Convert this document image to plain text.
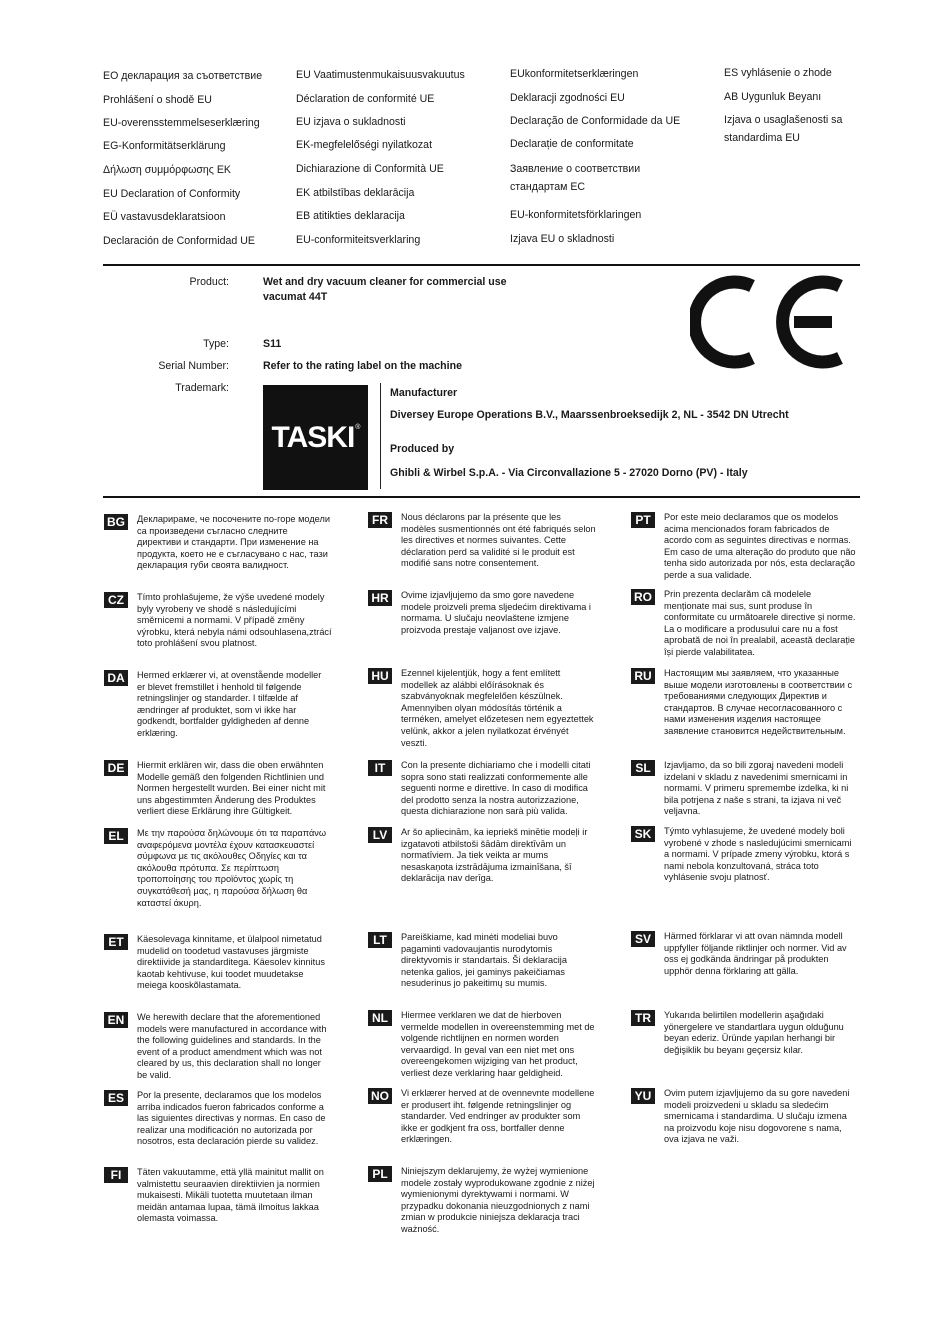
ЕО декларация за съответствие
Prohlášení o shodě EU
EU-overensstemmelseserklæring
EG-Konformitätserklärung
Δήλωση συμμόρφωσης ΕΚ
EU Declaration of Conformity
EÜ vastavusdeklaratsioon
Declaración de Conformidad UE
EU Vaatimustenmukaisuusvakuutus
Déclaration de conformité UE
EU izjava o sukladnosti
EK-megfelelőségi nyilatkozat
Dichiarazione di Conformità UE
EK atbilstības deklarācija
EB atitikties deklaracija
EU-conformiteitsverklaring
EUkonformitetserklæringen
Deklaracji zgodności EU
Declaração de Conformidade da UE
Declarație de conformitate
Заявление о соответствии стандартам ЕС
EU-konformitetsförklaringen
Izjava EU o skladnosti
ES vyhlásenie o zhode
AB Uygunluk Beyanı
Izjava o usaglašenosti sa standardima EU
Product:	Wet and dry vacuum cleaner for commercial use
vacumat 44T
Type:	S11
Serial Number:	Refer to the rating label on the machine
Trademark:
TASKI®
Manufacturer
Diversey Europe Operations B.V., Maarssenbroeksedijk 2, NL - 3542 DN Utrecht
Produced by
Ghibli & Wirbel S.p.A. - Via Circonvallazione 5 - 27020 Dorno (PV) - Italy
BG	Декларираме, че посочените по-горе модели са произведени съгласно следните директиви и стандарти. При изменение на продукта, което не е съгласувано с нас, тази декларация губи своята валидност.
CZ	Tímto prohlašujeme, že výše uvedené modely byly vyrobeny ve shodě s následujícími směrnicemi a normami. V případě změny výrobku, která nebyla námi odsouhlasena,ztrácí toto prohlášení svou platnost.
DA	Hermed erklærer vi, at ovenstående modeller er blevet fremstillet i henhold til følgende retningslinjer og standarder. I tilfælde af ændringer af produktet, som vi ikke har godkendt, bortfalder gyldigheden af denne erklæring.
DE	Hiermit erklären wir, dass die oben erwähnten Modelle gemäß den folgenden Richtlinien und Normen hergestellt wurden. Bei einer nicht mit uns abgestimmten Änderung des Produktes verliert diese Erklärung ihre Gültigkeit.
EL	Με την παρούσα δηλώνουμε ότι τα παραπάνω αναφερόμενα μοντέλα έχουν κατασκευαστεί σύμφωνα με τις ακόλουθες Οδηγίες και τα ακόλουθα πρότυπα. Σε περίπτωση τροποποίησης του προϊόντος χωρίς τη συγκατάθεσή μας, η παρούσα δήλωση θα καταστεί άκυρη.
ET	Käesolevaga kinnitame, et ülalpool nimetatud mudelid on toodetud vastavuses järgmiste direktiivide ja standarditega. Käesolev kinnitus kaotab kehtivuse, kui toodet muudetakse meiega kooskõlastamata.
EN	We herewith declare that the aforementioned models were manufactured in accordance with the following guidelines and standards. In the event of a product amendment which was not cleared by us, this declaration shall no longer be valid.
ES	Por la presente, declaramos que los modelos arriba indicados fueron fabricados conforme a las siguientes directivas y normas. En caso de realizar una modificación no autorizada por nosotros, esta declaración pierde su validez.
FI	Täten vakuutamme, että yllä mainitut mallit on valmistettu seuraavien direktiivien ja normien mukaisesti. Mikäli tuotetta muutetaan ilman meidän antamaa lupaa, tämä ilmoitus lakkaa olemasta voimassa.
FR	Nous déclarons par la présente que les modèles susmentionnés ont été fabriqués selon les directives et normes suivantes. Cette déclaration perd sa validité si le produit est modifié sans notre consentement.
HR	Ovime izjavljujemo da smo gore navedene modele proizveli prema sljedećim direktivama i normama. U slučaju neovlaštene izmjene proizvoda prestaje valjanost ove izjave.
HU	Ezennel kijelentjük, hogy a fent említett modellek az alábbi előírásoknak és szabványoknak megfelelően készülnek. Amennyiben olyan módosítás történik a terméken, amelyet előzetesen nem egyeztettek velünk, akkor a jelen nyilatkozat érvényét veszti.
IT	Con la presente dichiariamo che i modelli citati sopra sono stati realizzati conformemente alle seguenti norme e direttive. In caso di modifica del prodotto senza la nostra autorizzazione, questa dichiarazione non sarà più valida.
LV	Ar šo apliecinām, ka iepriekš minētie modeļi ir izgatavoti atbilstoši šādām direktīvām un normatīviem. Ja tiek veikta ar mums nesaskaņota izstrādājuma izmainīšana, šī deklarācija nav derīga.
LT	Pareiškiame, kad minėti modeliai buvo pagaminti vadovaujantis nurodytomis direktyvomis ir standartais. Ši deklaracija netenka galios, jei gaminys pakeičiamas nesuderinus jo pakeitimų su mumis.
NL	Hiermee verklaren we dat de hierboven vermelde modellen in overeenstemming met de volgende richtlijnen en normen worden vervaardigd. In geval van een niet met ons overeengekomen wijziging van het product, verliest deze verklaring haar geldigheid.
NO	Vi erklærer herved at de ovennevnte modellene er produsert iht. følgende retningslinjer og standarder. Ved endringer av produkter som ikke er godkjent fra oss, bortfaller denne erklæringen.
PL	Niniejszym deklarujemy, że wyżej wymienione modele zostały wyprodukowane zgodnie z niżej wymienionymi dyrektywami i normami. W przypadku dokonania nieuzgodnionych z nami zmian w produkcie niniejsza deklaracja traci ważność.
PT	Por este meio declaramos que os modelos acima mencionados foram fabricados de acordo com as seguintes directivas e normas. Em caso de uma alteração do produto que não tenha sido autorizada por nós, esta declaração perde a sua validade.
RO	Prin prezenta declarăm că modelele menționate mai sus, sunt produse în conformitate cu următoarele directive și norme. La o modificare a produsului care nu a fost aprobată de noi în prealabil, această declarație își pierde valabilitatea.
RU	Настоящим мы заявляем, что указанные выше модели изготовлены в соответствии с требованиями следующих Директив и стандартов. В случае несогласованного с нами изменения изделия настоящее заявление становится недействительным.
SL	Izjavljamo, da so bili zgoraj navedeni modeli izdelani v skladu z navedenimi smernicami in normami. V primeru spremembe izdelka, ki ni bila potrjena z naše s strani, ta izjava ni več veljavna.
SK	Týmto vyhlasujeme, že uvedené modely boli vyrobené v zhode s nasledujúcimi smernicami a normami. V prípade zmeny výrobku, ktorá s nami nebola konzultovaná, stráca toto vyhlásenie svoju platnosť.
SV	Härmed förklarar vi att ovan nämnda modell uppfyller följande riktlinjer och normer. Vid av oss ej godkända ändringar på produkten upphör denna förklaring att gälla.
TR	Yukarıda belirtilen modellerin aşağıdaki yönergelere ve standartlara uygun olduğunu beyan ederiz. Üründe yapılan herhangi bir değişiklik bu beyanı geçersiz kılar.
YU	Ovim putem izjavljujemo da su gore navedeni modeli proizvedeni u skladu sa sledećim smernicama i standardima. U slučaju izmena na proizvodu koje nisu dogovorene s nama, ova izjava ne važi.
